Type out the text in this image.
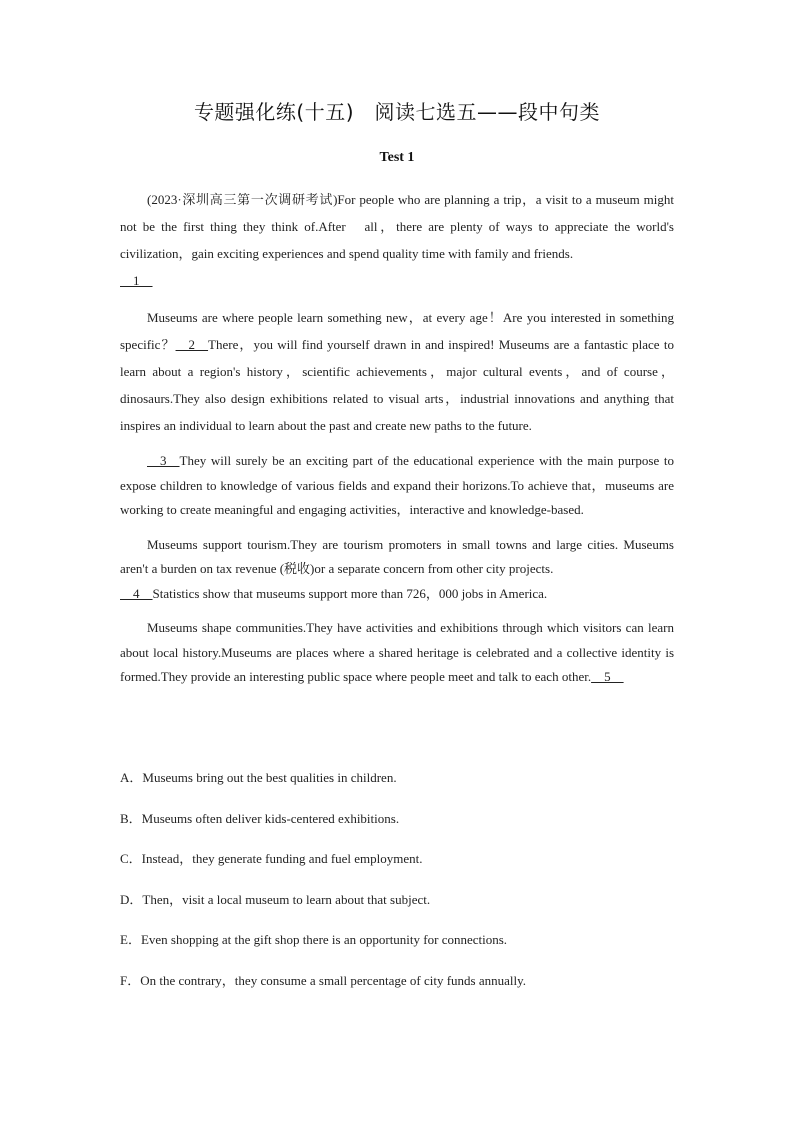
专题强化练(十五)　阅读七选五——段中句类
Test 1

(2023·深圳高三第一次调研考试)For people who are planning a trip，a visit to a museum might not be the first thing they think of.After　all，there are plenty of ways to appreciate the world's civilization，gain exciting experiences and spend quality time with family and friends.
　1　

Museums are where people learn something new，at every age！Are you interested in something specific？　2　There，you will find yourself drawn in and inspired! Museums are a fantastic place to learn about a region's history，scientific achievements，major cultural events，and of course，dinosaurs.They also design exhibitions related to visual arts，industrial innovations and anything that inspires an individual to learn about the past and create new paths to the future.

　3　They will surely be an exciting part of the educational experience with the main purpose to expose children to knowledge of various fields and expand their horizons.To achieve that，museums are working to create meaningful and engaging activities，interactive and knowledge-based.

Museums support tourism.They are tourism promoters in small towns and large cities. Museums aren't a burden on tax revenue (税收)or a separate concern from other city projects.
　4　Statistics show that museums support more than 726，000 jobs in America.

Museums shape communities.They have activities and exhibitions through which visitors can learn about local history.Museums are places where a shared heritage is celebrated and a collective identity is formed.They provide an interesting public space where people meet and talk to each other.　5　

A．Museums bring out the best qualities in children.
B．Museums often deliver kids-centered exhibitions.
C．Instead，they generate funding and fuel employment.
D．Then，visit a local museum to learn about that subject.
E．Even shopping at the gift shop there is an opportunity for connections.
F．On the contrary，they consume a small percentage of city funds annually.
